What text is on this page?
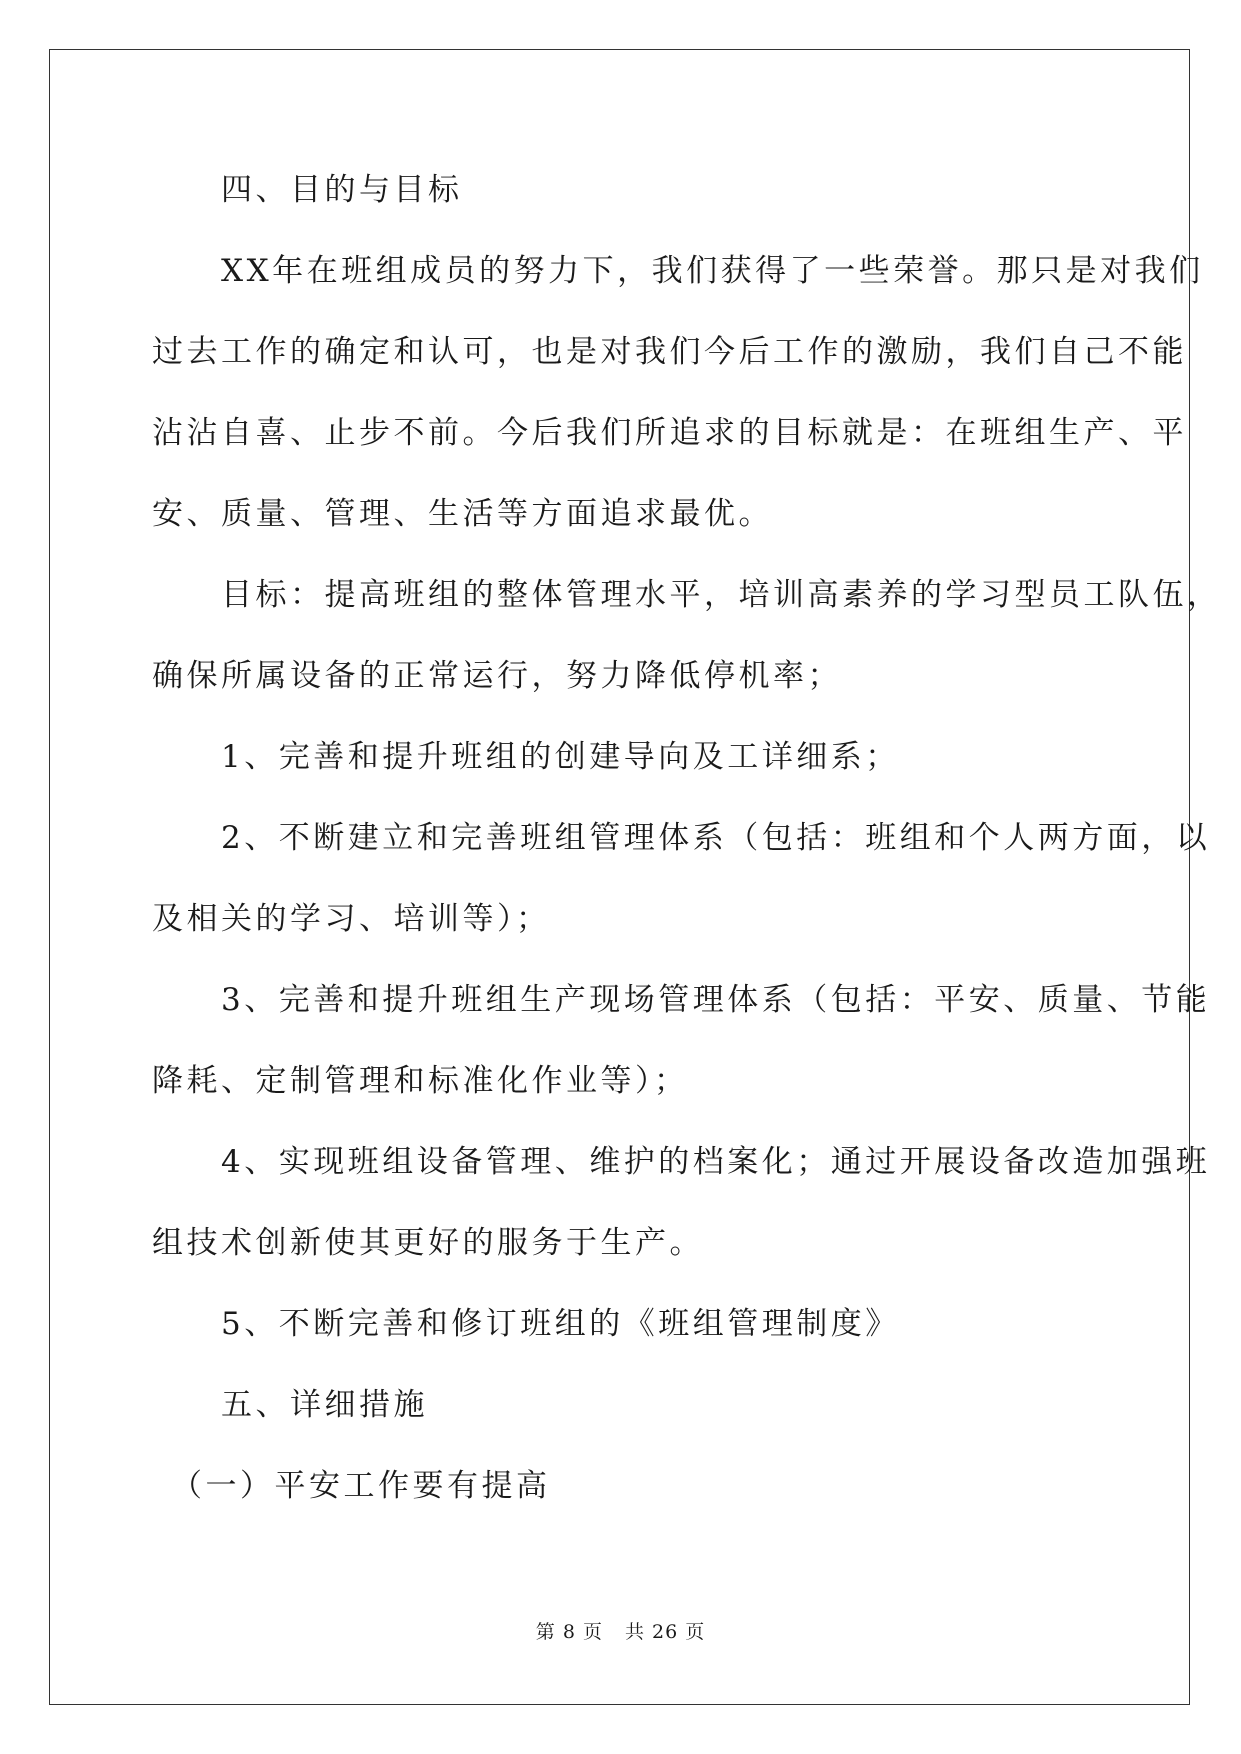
　　四、目的与目标
　　XX年在班组成员的努力下，我们获得了一些荣誉。那只是对我们
过去工作的确定和认可，也是对我们今后工作的激励，我们自己不能
沾沾自喜、止步不前。今后我们所追求的目标就是：在班组生产、平
安、质量、管理、生活等方面追求最优。
　　目标：提高班组的整体管理水平，培训高素养的学习型员工队伍，
确保所属设备的正常运行，努力降低停机率；
　　1、完善和提升班组的创建导向及工详细系；
　　2、不断建立和完善班组管理体系（包括：班组和个人两方面，以
及相关的学习、培训等）；
　　3、完善和提升班组生产现场管理体系（包括：平安、质量、节能
降耗、定制管理和标准化作业等）；
　　4、实现班组设备管理、维护的档案化；通过开展设备改造加强班
组技术创新使其更好的服务于生产。
　　5、不断完善和修订班组的《班组管理制度》
　　五、详细措施
　（一）平安工作要有提高
第 8 页 共 26 页
